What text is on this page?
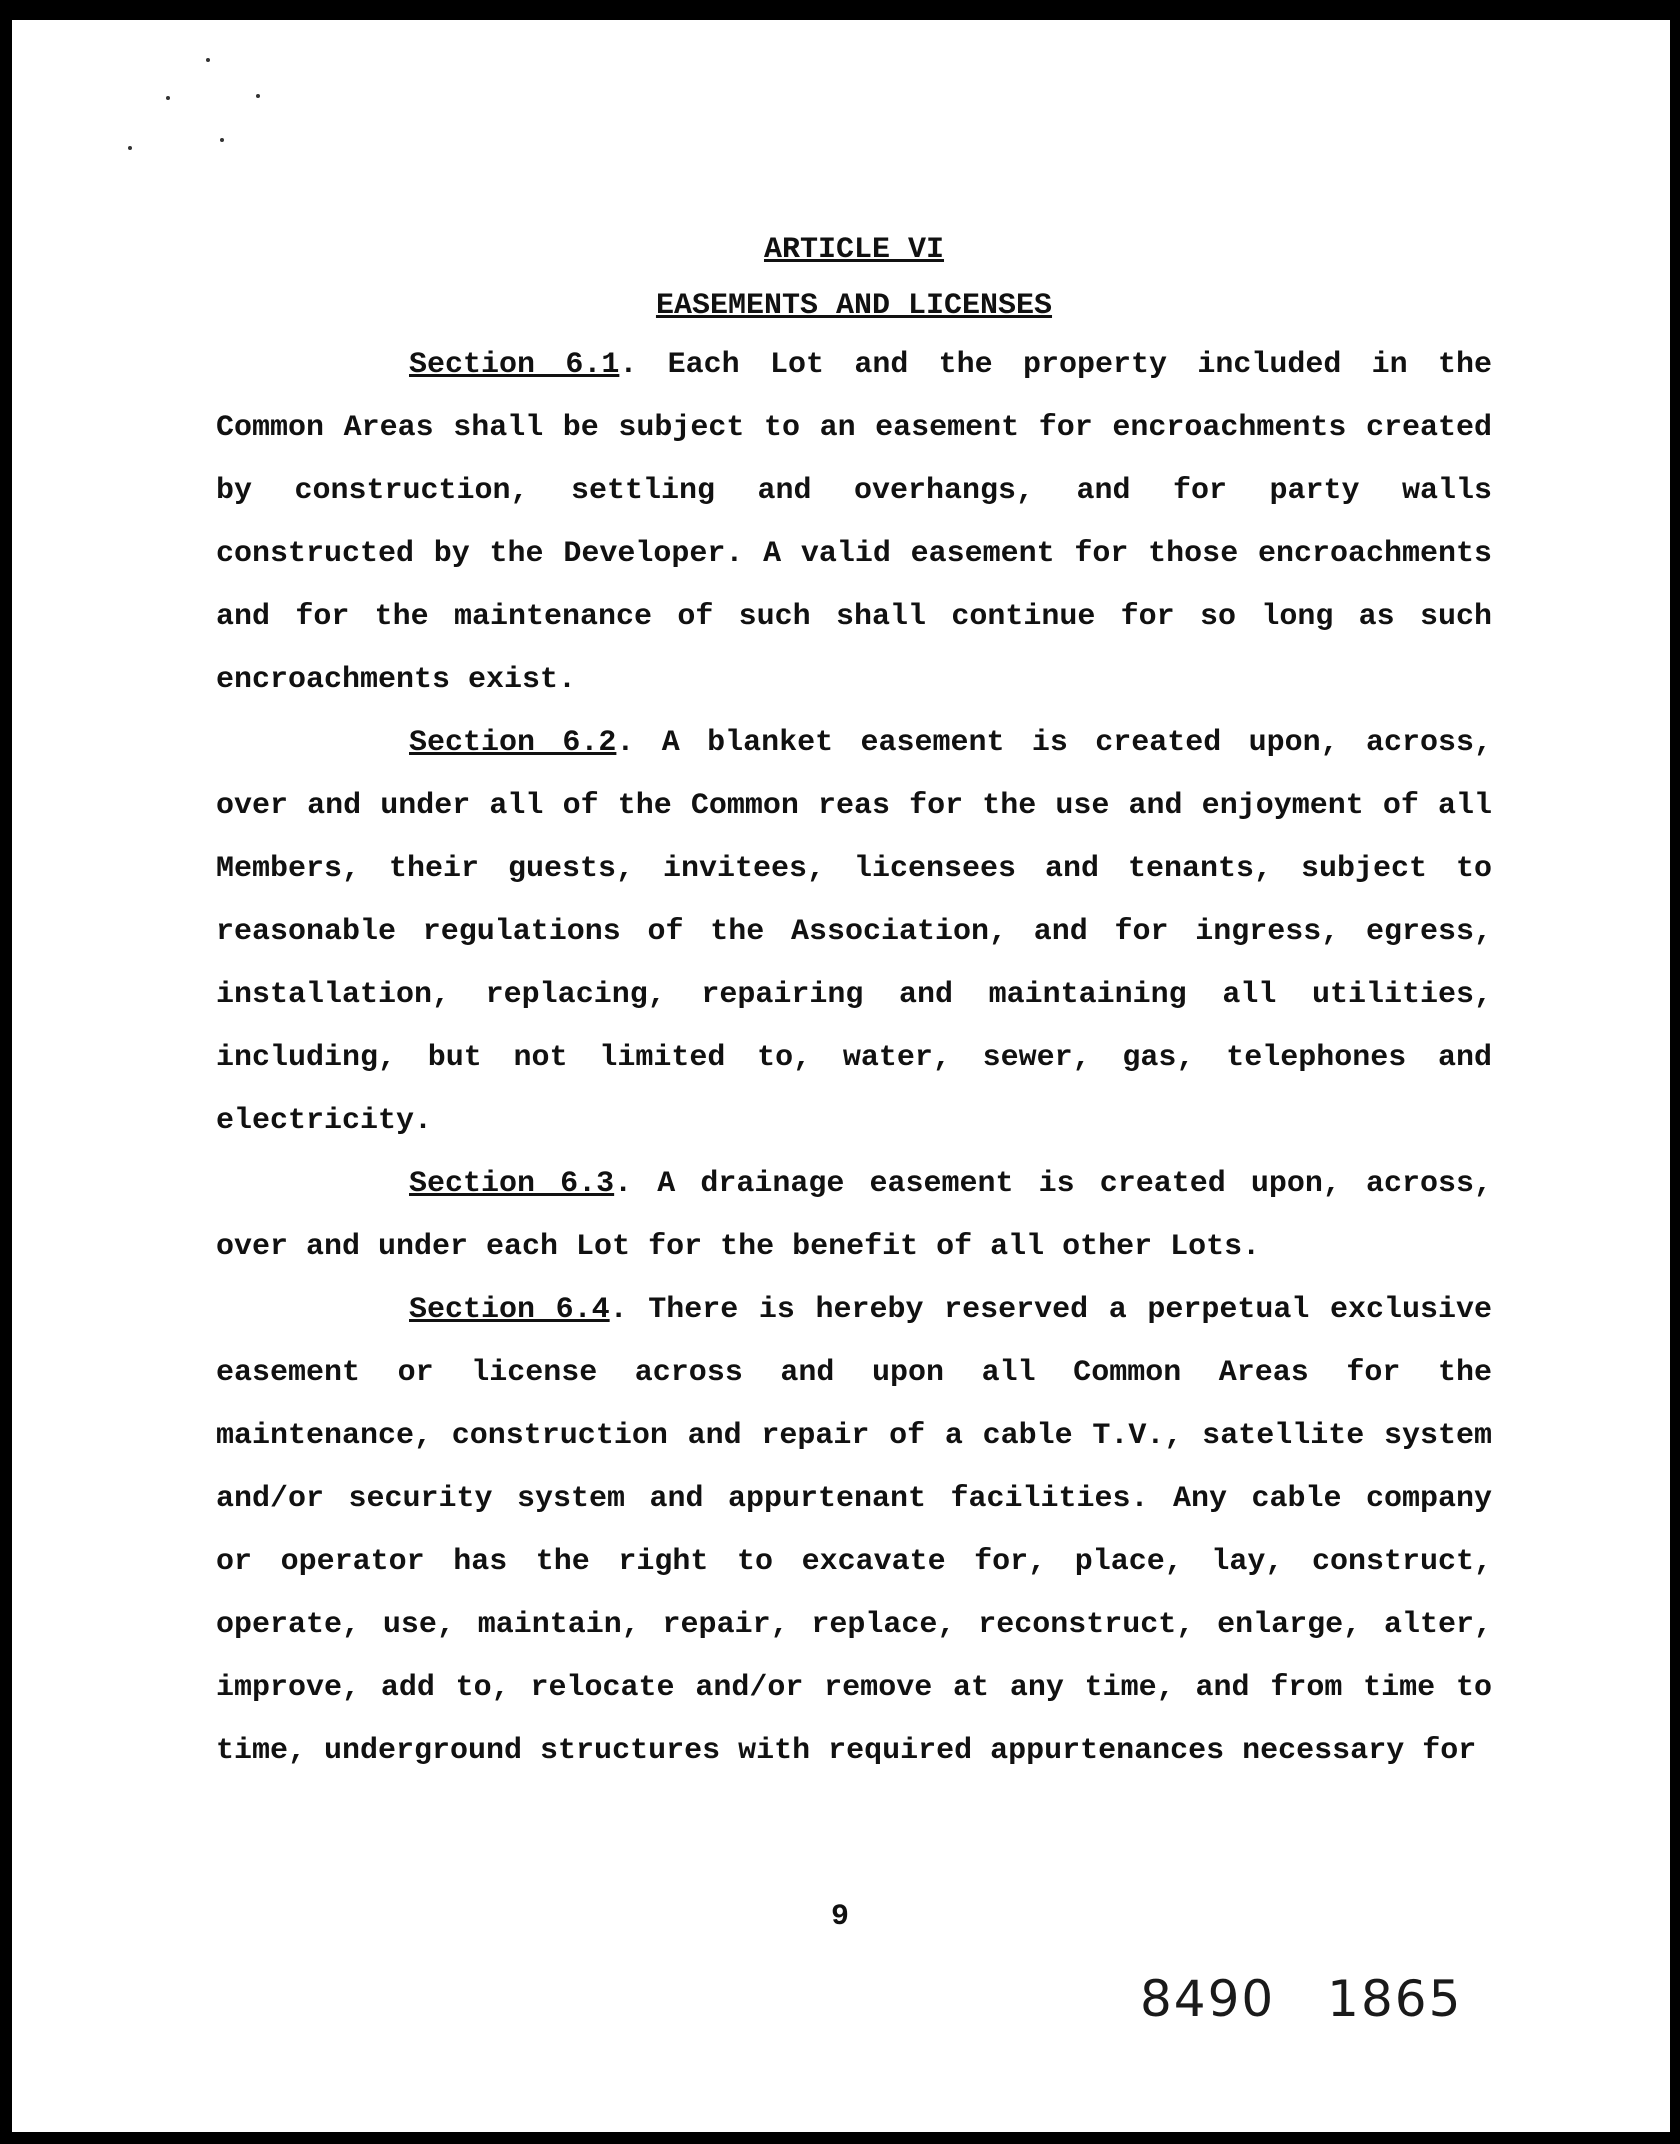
ARTICLE VI
EASEMENTS AND LICENSES

Section 6.1. Each Lot and the property included in the Common Areas shall be subject to an easement for encroachments created by construction, settling and overhangs, and for party walls constructed by the Developer. A valid easement for those encroachments and for the maintenance of such shall continue for so long as such encroachments exist.

Section 6.2. A blanket easement is created upon, across, over and under all of the Common reas for the use and enjoyment of all Members, their guests, invitees, licensees and tenants, subject to reasonable regulations of the Association, and for ingress, egress, installation, replacing, repairing and maintaining all utilities, including, but not limited to, water, sewer, gas, telephones and electricity.

Section 6.3. A drainage easement is created upon, across, over and under each Lot for the benefit of all other Lots.

Section 6.4. There is hereby reserved a perpetual exclusive easement or license across and upon all Common Areas for the maintenance, construction and repair of a cable T.V., satellite system and/or security system and appurtenant facilities. Any cable company or operator has the right to excavate for, place, lay, construct, operate, use, maintain, repair, replace, reconstruct, enlarge, alter, improve, add to, relocate and/or remove at any time, and from time to time, underground structures with required appurtenances necessary for

9
8490 1865
